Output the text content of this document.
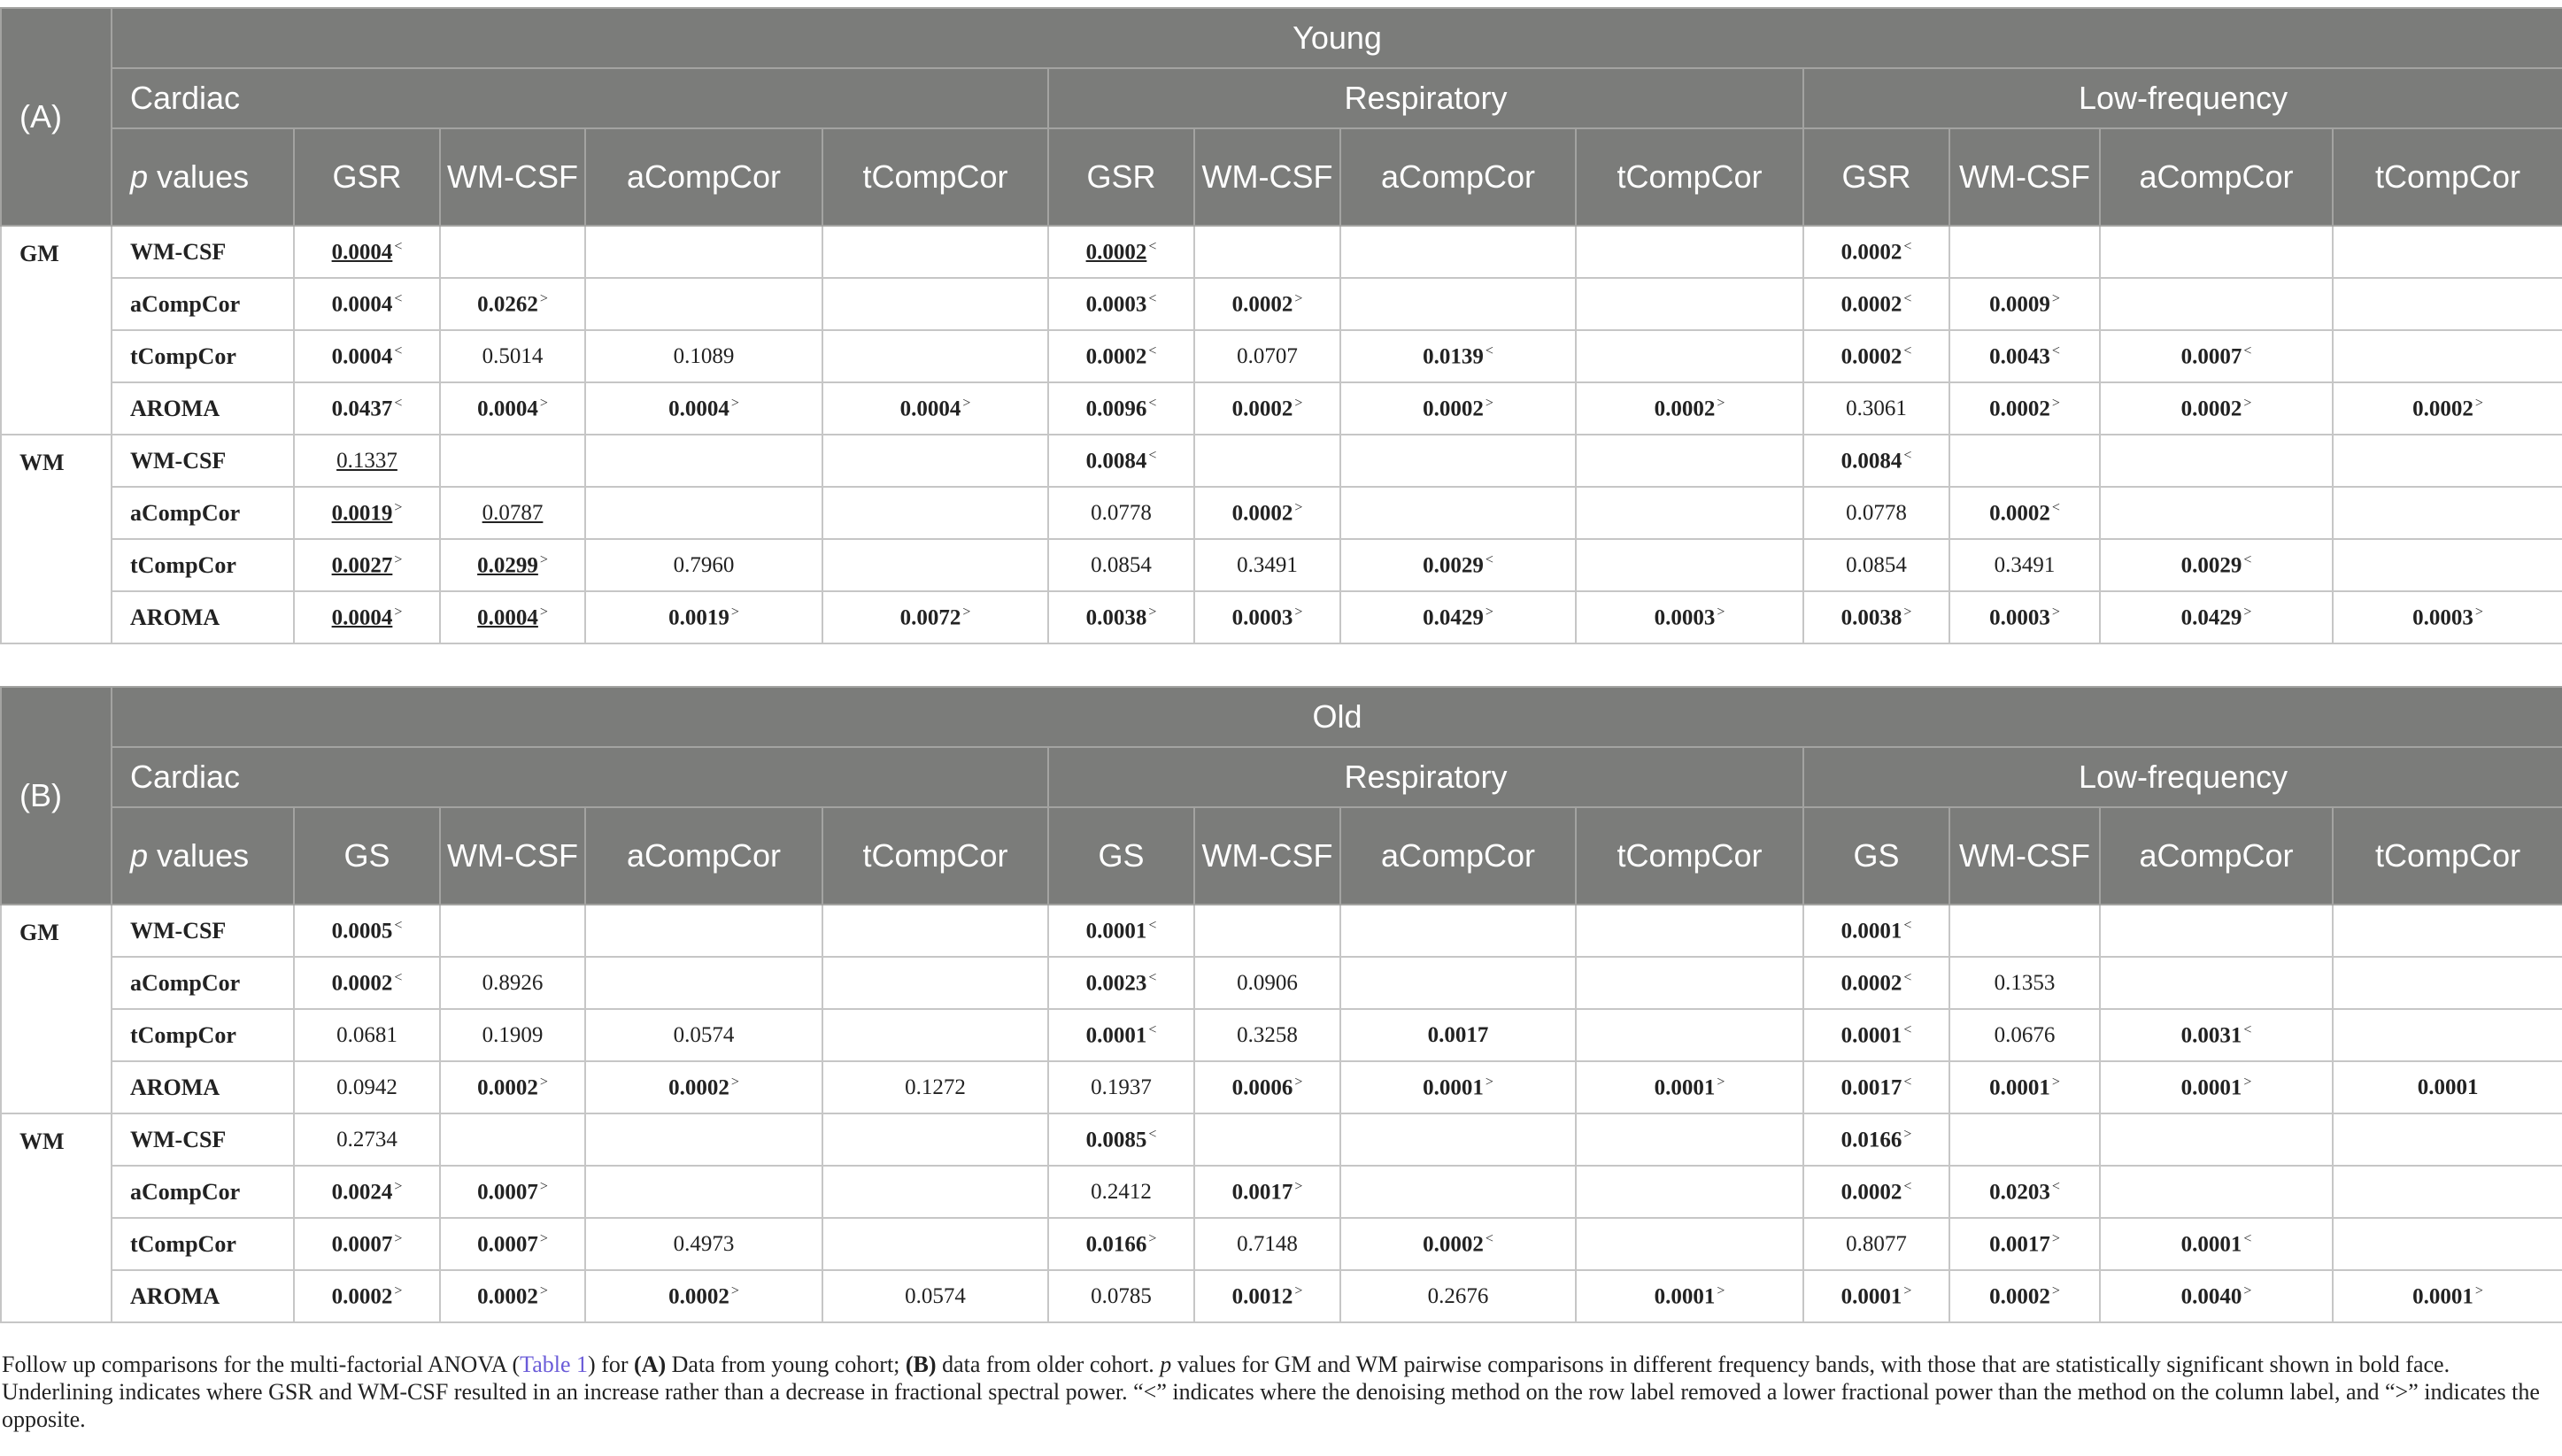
(A)	Young												
	Cardiac					Respiratory				Low-frequency			
	p values	GSR	WM-CSF	aCompCor	tCompCor	GSR	WM-CSF	aCompCor	tCompCor	GSR	WM-CSF	aCompCor	tCompCor
GM	WM-CSF	0.0004 <				0.0002 <				0.0002 <			
	aCompCor	0.0004 <	0.0262 >			0.0003 <	0.0002 >			0.0002 <	0.0009 >		
	tCompCor	0.0004 <	0.5014	0.1089		0.0002 <	0.0707	0.0139 <		0.0002 <	0.0043 <	0.0007 <	
	AROMA	0.0437 <	0.0004 >	0.0004 >	0.0004 >	0.0096 <	0.0002 >	0.0002 >	0.0002 >	0.3061	0.0002 >	0.0002 >	0.0002 >
WM	WM-CSF	0.1337				0.0084 <				0.0084 <			
	aCompCor	0.0019 >	0.0787			0.0778	0.0002 >			0.0778	0.0002 <		
	tCompCor	0.0027 >	0.0299 >	0.7960		0.0854	0.3491	0.0029 <		0.0854	0.3491	0.0029 <	
	AROMA	0.0004 >	0.0004 >	0.0019 >	0.0072 >	0.0038 >	0.0003 >	0.0429 >	0.0003 >	0.0038 >	0.0003 >	0.0429 >	0.0003 >
(B)	Old												
	Cardiac					Respiratory				Low-frequency			
	p values	GS	WM-CSF	aCompCor	tCompCor	GS	WM-CSF	aCompCor	tCompCor	GS	WM-CSF	aCompCor	tCompCor
GM	WM-CSF	0.0005 <				0.0001 <				0.0001 <			
	aCompCor	0.0002 <	0.8926			0.0023 <	0.0906			0.0002 <	0.1353		
	tCompCor	0.0681	0.1909	0.0574		0.0001 <	0.3258	0.0017		0.0001 <	0.0676	0.0031 <	
	AROMA	0.0942	0.0002 >	0.0002 >	0.1272	0.1937	0.0006 >	0.0001 >	0.0001 >	0.0017 <	0.0001 >	0.0001 >	0.0001
WM	WM-CSF	0.2734				0.0085 <				0.0166 >			
	aCompCor	0.0024 >	0.0007 >			0.2412	0.0017 >			0.0002 <	0.0203 <		
	tCompCor	0.0007 >	0.0007 >	0.4973		0.0166 >	0.7148	0.0002 <		0.8077	0.0017 >	0.0001 <	
	AROMA	0.0002 >	0.0002 >	0.0002 >	0.0574	0.0785	0.0012 >	0.2676	0.0001 >	0.0001 >	0.0002 >	0.0040 >	0.0001 >
Follow up comparisons for the multi-factorial ANOVA (Table 1) for (A) Data from young cohort; (B) data from older cohort. p values for GM and WM pairwise comparisons in different frequency bands, with those that are statistically significant shown in bold face. Underlining indicates where GSR and WM-CSF resulted in an increase rather than a decrease in fractional spectral power. “<” indicates where the denoising method on the row label removed a lower fractional power than the method on the column label, and “>” indicates the opposite.
